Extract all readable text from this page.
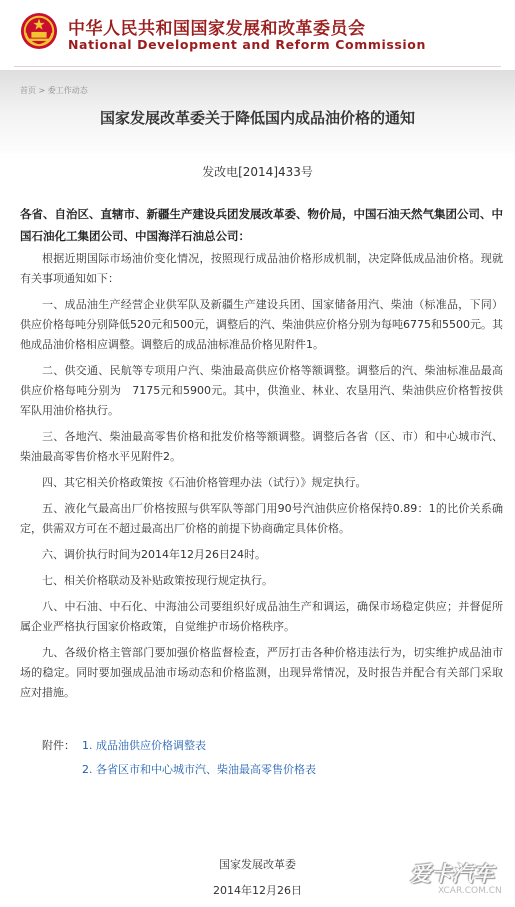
中华人民共和国国家发展和改革委员会
National Development and Reform Commission
首页 > 委工作动态
国家发展改革委关于降低国内成品油价格的通知
发改电[2014]433号

各省、自治区、直辖市、新疆生产建设兵团发展改革委、物价局，中国石油天然气集团公司、中国石油化工集团公司、中国海洋石油总公司：

根据近期国际市场油价变化情况，按照现行成品油价格形成机制，决定降低成品油价格。现就有关事项通知如下：

一、成品油生产经营企业供军队及新疆生产建设兵团、国家储备用汽、柴油（标准品，下同）供应价格每吨分别降低520元和500元，调整后的汽、柴油供应价格分别为每吨6775和5500元。其他成品油价格相应调整。调整后的成品油标准品价格见附件1。

二、供交通、民航等专项用户汽、柴油最高供应价格等额调整。调整后的汽、柴油标准品最高供应价格每吨分别为　7175元和5900元。其中，供渔业、林业、农垦用汽、柴油供应价格暂按供军队用油价格执行。

三、各地汽、柴油最高零售价格和批发价格等额调整。调整后各省（区、市）和中心城市汽、柴油最高零售价格水平见附件2。

四、其它相关价格政策按《石油价格管理办法（试行）》规定执行。

五、液化气最高出厂价格按照与供军队等部门用90号汽油供应价格保持0.89：1的比价关系确定，供需双方可在不超过最高出厂价格的前提下协商确定具体价格。

六、调价执行时间为2014年12月26日24时。

七、相关价格联动及补贴政策按现行规定执行。

八、中石油、中石化、中海油公司要组织好成品油生产和调运，确保市场稳定供应；并督促所属企业严格执行国家价格政策，自觉维护市场价格秩序。

九、各级价格主管部门要加强价格监督检查，严厉打击各种价格违法行为，切实维护成品油市场的稳定。同时要加强成品油市场动态和价格监测，出现异常情况，及时报告并配合有关部门采取应对措施。

附件： 1. 成品油供应价格调整表
2. 各省区市和中心城市汽、柴油最高零售价格表
国家发展改革委
2014年12月26日
爱卡汽车
XCAR.COM.CN
